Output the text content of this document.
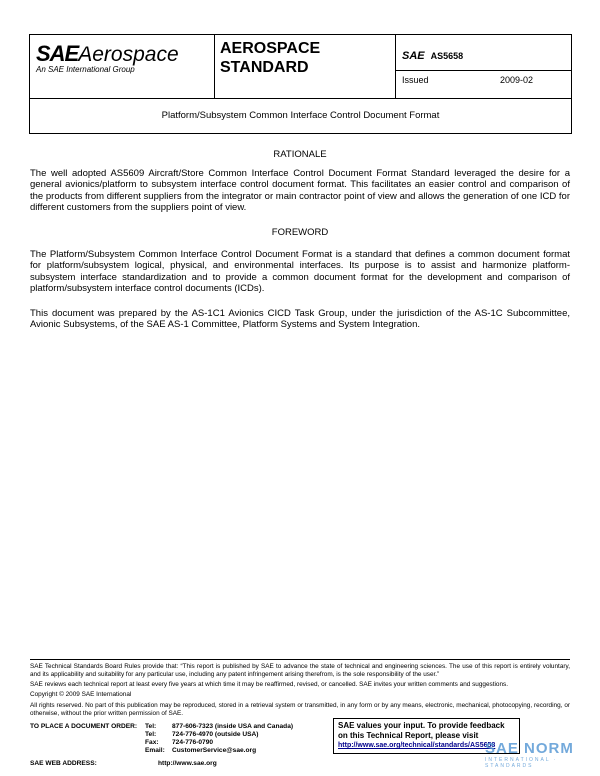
SAEAerospace
An SAE International Group
AEROSPACE
STANDARD
SAE AS5658
Issued	2009-02
Platform/Subsystem Common Interface Control Document Format
RATIONALE
The well adopted AS5609 Aircraft/Store Common Interface Control Document Format Standard leveraged the desire for a general avionics/platform to subsystem interface control document format. This facilitates an easier control and comparison of the products from different suppliers from the integrator or main contractor point of view and allows the generation of one ICD for different customers from the suppliers point of view.
FOREWORD
The Platform/Subsystem Common Interface Control Document Format is a standard that defines a common document format for platform/subsystem logical, physical, and environmental interfaces. Its purpose is to assist and harmonize platform-subsystem interface standardization and to provide a common document format for the development and comparison of platform/subsystem interface control documents (ICDs).
This document was prepared by the AS-1C1 Avionics CICD Task Group, under the jurisdiction of the AS-1C Subcommittee, Avionic Subsystems, of the SAE AS-1 Committee, Platform Systems and System Integration.
SAE Technical Standards Board Rules provide that: “This report is published by SAE to advance the state of technical and engineering sciences. The use of this report is entirely voluntary, and its applicability and suitability for any particular use, including any patent infringement arising therefrom, is the sole responsibility of the user.”
SAE reviews each technical report at least every five years at which time it may be reaffirmed, revised, or cancelled. SAE invites your written comments and suggestions.
Copyright © 2009 SAE International
All rights reserved. No part of this publication may be reproduced, stored in a retrieval system or transmitted, in any form or by any means, electronic, mechanical, photocopying, recording, or otherwise, without the prior written permission of SAE.
TO PLACE A DOCUMENT ORDER: Tel: 877-606-7323 (inside USA and Canada)
Tel: 724-776-4970 (outside USA)
Fax: 724-776-0790
Email: CustomerService@sae.org
SAE WEB ADDRESS:	http://www.sae.org
SAE values your input. To provide feedback
on this Technical Report, please visit
http://www.sae.org/technical/standards/AS5658
SAE NORM
INTERNATIONAL · STANDARDS
